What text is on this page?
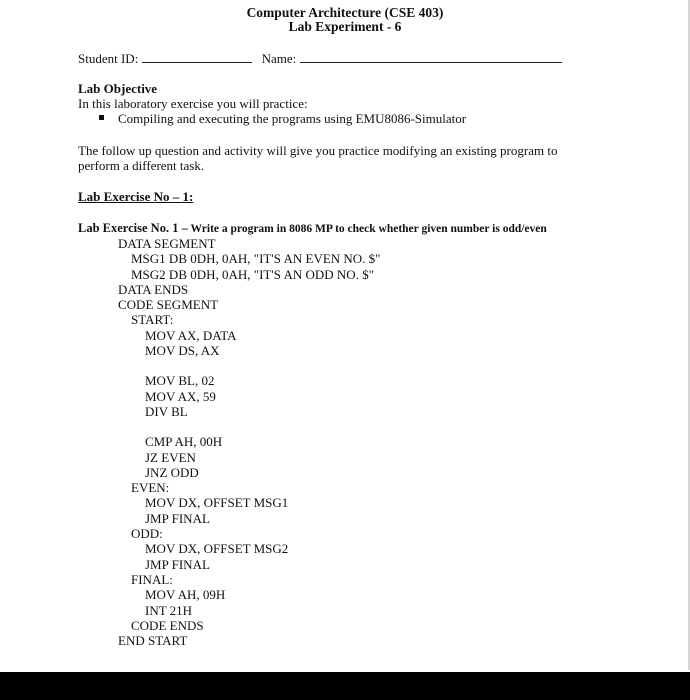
Computer Architecture (CSE 403)
Lab Experiment - 6
Student ID:	Name:
Lab Objective
In this laboratory exercise you will practice:
Compiling and executing the programs using EMU8086-Simulator
The follow up question and activity will give you practice modifying an existing program to
perform a different task.
Lab Exercise No – 1:
Lab Exercise No. 1 – Write a program in 8086 MP to check whether given number is odd/even
DATA SEGMENT
MSG1 DB 0DH, 0AH, "IT'S AN EVEN NO. $"
MSG2 DB 0DH, 0AH, "IT'S AN ODD NO. $"
DATA ENDS
CODE SEGMENT
START:
MOV AX, DATA
MOV DS, AX
MOV BL, 02
MOV AX, 59
DIV BL
CMP AH, 00H
JZ EVEN
JNZ ODD
EVEN:
MOV DX, OFFSET MSG1
JMP FINAL
ODD:
MOV DX, OFFSET MSG2
JMP FINAL
FINAL:
MOV AH, 09H
INT 21H
CODE ENDS
END START
